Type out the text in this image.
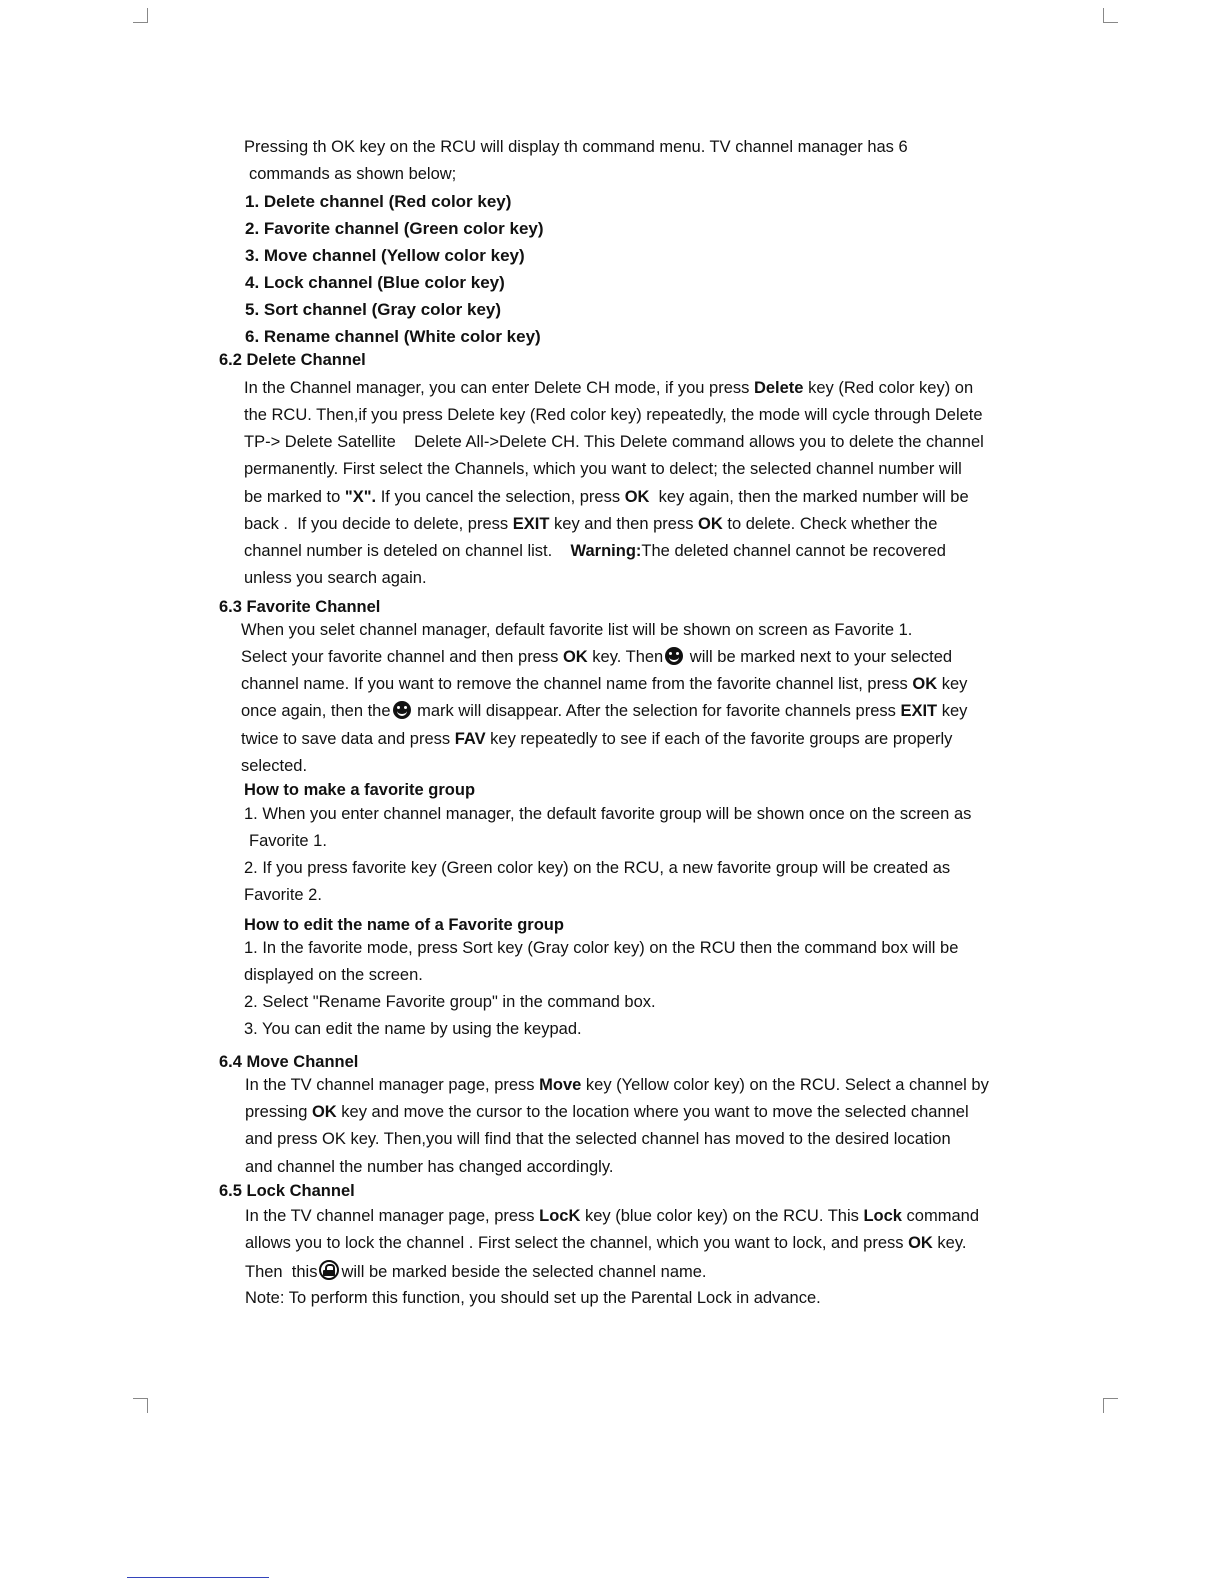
Pressing th OK key on the RCU will display th command menu. TV channel manager has 6
commands as shown below;
1. Delete channel (Red color key)
2. Favorite channel (Green color key)
3. Move channel (Yellow color key)
4. Lock channel (Blue color key)
5. Sort channel (Gray color key)
6. Rename channel (White color key)
6.2 Delete Channel
In the Channel manager, you can enter Delete CH mode, if you press Delete key (Red color key) on
the RCU. Then,if you press Delete key (Red color key) repeatedly, the mode will cycle through Delete
TP-> Delete Satellite    Delete All->Delete CH. This Delete command allows you to delete the channel
permanently. First select the Channels, which you want to delect; the selected channel number will
be marked to "X". If you cancel the selection, press OK  key again, then the marked number will be
back .  If you decide to delete, press EXIT key and then press OK to delete. Check whether the
channel number is deteled on channel list.    Warning:The deleted channel cannot be recovered
unless you search again.
6.3 Favorite Channel
When you selet channel manager, default favorite list will be shown on screen as Favorite 1.
Select your favorite channel and then press OK key. Then will be marked next to your selected
channel name. If you want to remove the channel name from the favorite channel list, press OK key
once again, then the mark will disappear. After the selection for favorite channels press EXIT key
twice to save data and press FAV key repeatedly to see if each of the favorite groups are properly
selected.
How to make a favorite group
1. When you enter channel manager, the default favorite group will be shown once on the screen as
Favorite 1.
2. If you press favorite key (Green color key) on the RCU, a new favorite group will be created as
Favorite 2.
How to edit the name of a Favorite group
1. In the favorite mode, press Sort key (Gray color key) on the RCU then the command box will be
displayed on the screen.
2. Select "Rename Favorite group" in the command box.
3. You can edit the name by using the keypad.
6.4 Move Channel
In the TV channel manager page, press Move key (Yellow color key) on the RCU. Select a channel by
pressing OK key and move the cursor to the location where you want to move the selected channel
and press OK key. Then,you will find that the selected channel has moved to the desired location
and channel the number has changed accordingly.
6.5 Lock Channel
In the TV channel manager page, press LocK key (blue color key) on the RCU. This Lock command
allows you to lock the channel . First select the channel, which you want to lock, and press OK key.
Then  this will be marked beside the selected channel name.
Note: To perform this function, you should set up the Parental Lock in advance.
